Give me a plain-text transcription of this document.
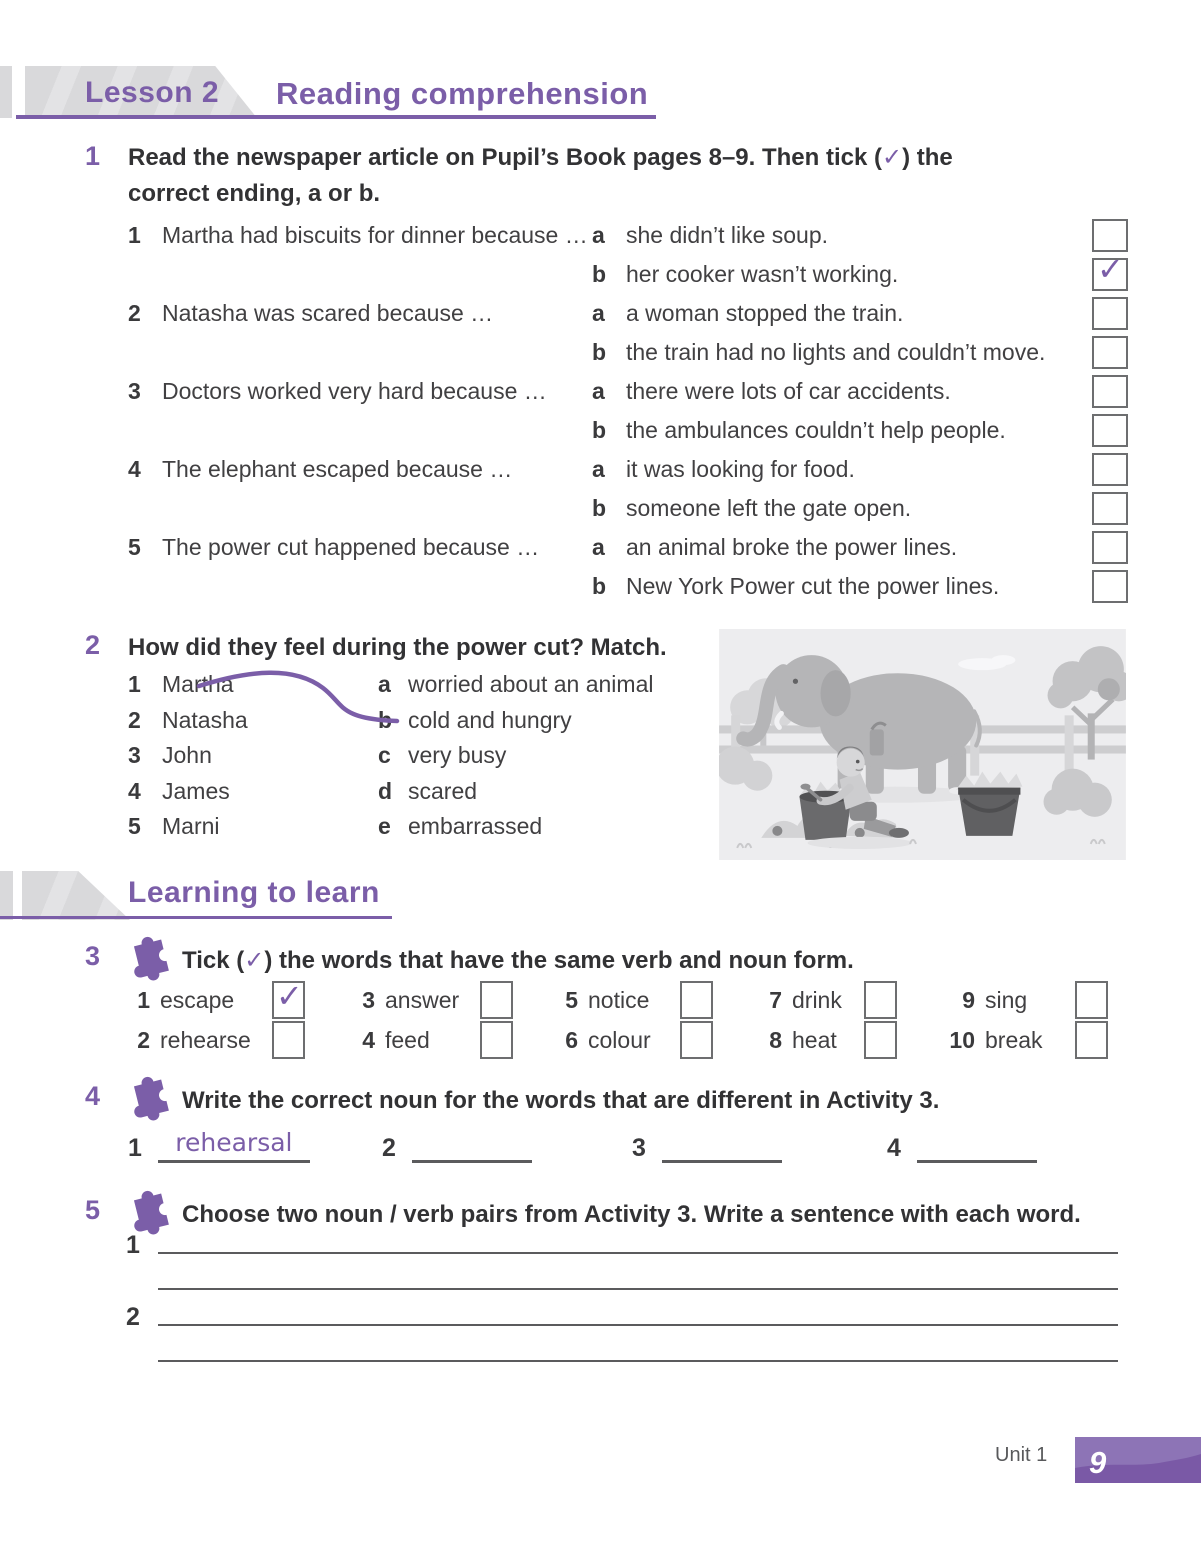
Lesson 2 Reading comprehension
1 Read the newspaper article on Pupil’s Book pages 8–9. Then tick (✓) the
correct ending, a or b.
1 Martha had biscuits for dinner because … a she didn’t like soup.
b her cooker wasn’t working.	✓
2 Natasha was scared because …	a a woman stopped the train.
b the train had no lights and couldn’t move.
3 Doctors worked very hard because …	a there were lots of car accidents.
b the ambulances couldn’t help people.
4 The elephant escaped because …	a it was looking for food.
b someone left the gate open.
5 The power cut happened because …	a an animal broke the power lines.
b New York Power cut the power lines.
2 How did they feel during the power cut? Match.
1 Martha	a worried about an animal
2 Natasha	b cold and hungry
3 John	c very busy
4 James	d scared
5 Marni	e embarrassed
Learning to learn
3	Tick (✓) the words that have the same verb and noun form.
1 escape	✓
2 rehearse
3 answer
4 feed
5 notice
6 colour
7 drink
8 heat
9 sing
10 break
4	Write the correct noun for the words that are different in Activity 3.
1	rehearsal	2	3	4
5	Choose two noun / verb pairs from Activity 3. Write a sentence with each word.
1
2
Unit 1 9
